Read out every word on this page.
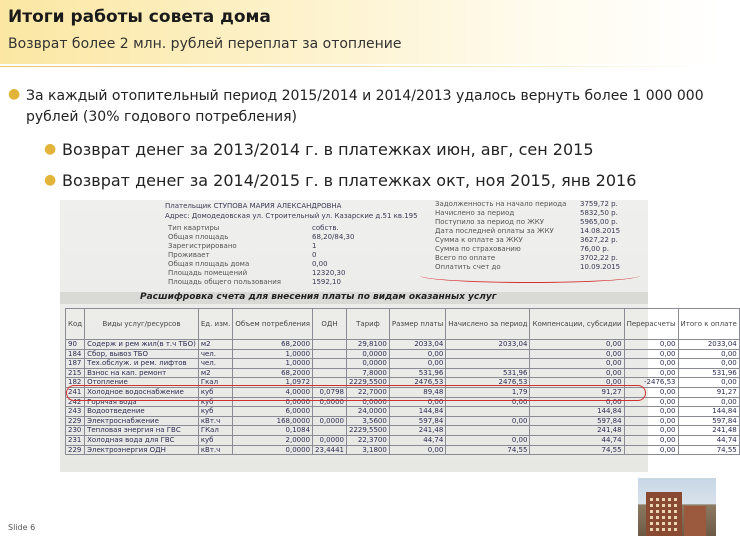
Итоги работы совета дома
Возврат более 2 млн. рублей переплат за отопление
● За каждый отопительный период 2015/2014 и 2014/2013 удалось вернуть более 1 000 000 рублей (30% годового потребления)
● Возврат денег за 2013/2014 г. в платежках июн, авг, сен 2015
● Возврат денег за 2014/2015 г. в платежках окт, ноя 2015, янв 2016
Плательщик СТУПОВА МАРИЯ АЛЕКСАНДРОВНА
Адрес: Домодедовская ул. Строительный ул. Казарские д.51 кв.195
Тип квартиры	собств.
Общая площадь	68,20/84,30
Зарегистрировано	1
Проживает	0
Общая площадь дома	0,00
Площадь помещений	12320,30
Площадь общего пользования	1592,10
Задолженность на начало периода 3759,72 р.
Начислено за период	5832,50 р.
Поступило за период по ЖКУ	5965,00 р.
Дата последней оплаты за ЖКУ	14.08.2015
Сумма к оплате за ЖКУ	3627,22 р.
Сумма по страхованию	76,00 р.
Всего по оплате	3702,22 р.
Оплатить счет до	10.09.2015
Расшифровка счета для внесения платы по видам оказанных услуг
Код	Виды услуг/ресурсов	Ед. изм.	Объем потребления	ОДН	Тариф	Размер платы	Начислено за период	Компенсации, субсидии	Перерасчеты	Итого к оплате
90	Содерж и рем жил(в т.ч ТБО)	м2	68,2000		29,8100	2033,04	2033,04	0,00	0,00	2033,04
184	Сбор, вывоз ТБО	чел.	1,0000		0,0000	0,00		0,00	0,00	0,00
187	Тех.обслуж. и рем. лифтов	чел.	1,0000		0,0000	0,00		0,00	0,00	0,00
215	Взнос на кап. ремонт	м2	68,2000		7,8000	531,96	531,96	0,00	0,00	531,96
182	Отопление	Гкал	1,0972		2229,5500	2476,53	2476,53	0,00	-2476,53	0,00
241	Холодное водоснабжение	куб	4,0000	0,0798	22,7000	89,48	1,79	91,27	0,00	91,27
242	Горячая вода	куб	0,0000	0,0000	0,0000	0,00	0,00	0,00	0,00	0,00
243	Водоотведение	куб	6,0000		24,0000	144,84		144,84	0,00	144,84
229	Электроснабжение	кВт.ч	168,0000	0,0000	3,5600	597,84	0,00	597,84	0,00	597,84
230	Тепловая энергия на ГВС	ГКал	0,1084		2229,5500	241,48		241,48	0,00	241,48
231	Холодная вода для ГВС	куб	2,0000	0,0000	22,3700	44,74	0,00	44,74	0,00	44,74
229	Электроэнергия ОДН	кВт.ч	0,0000	23,4441	3,1800	0,00	74,55	74,55	0,00	74,55
Slide 6
